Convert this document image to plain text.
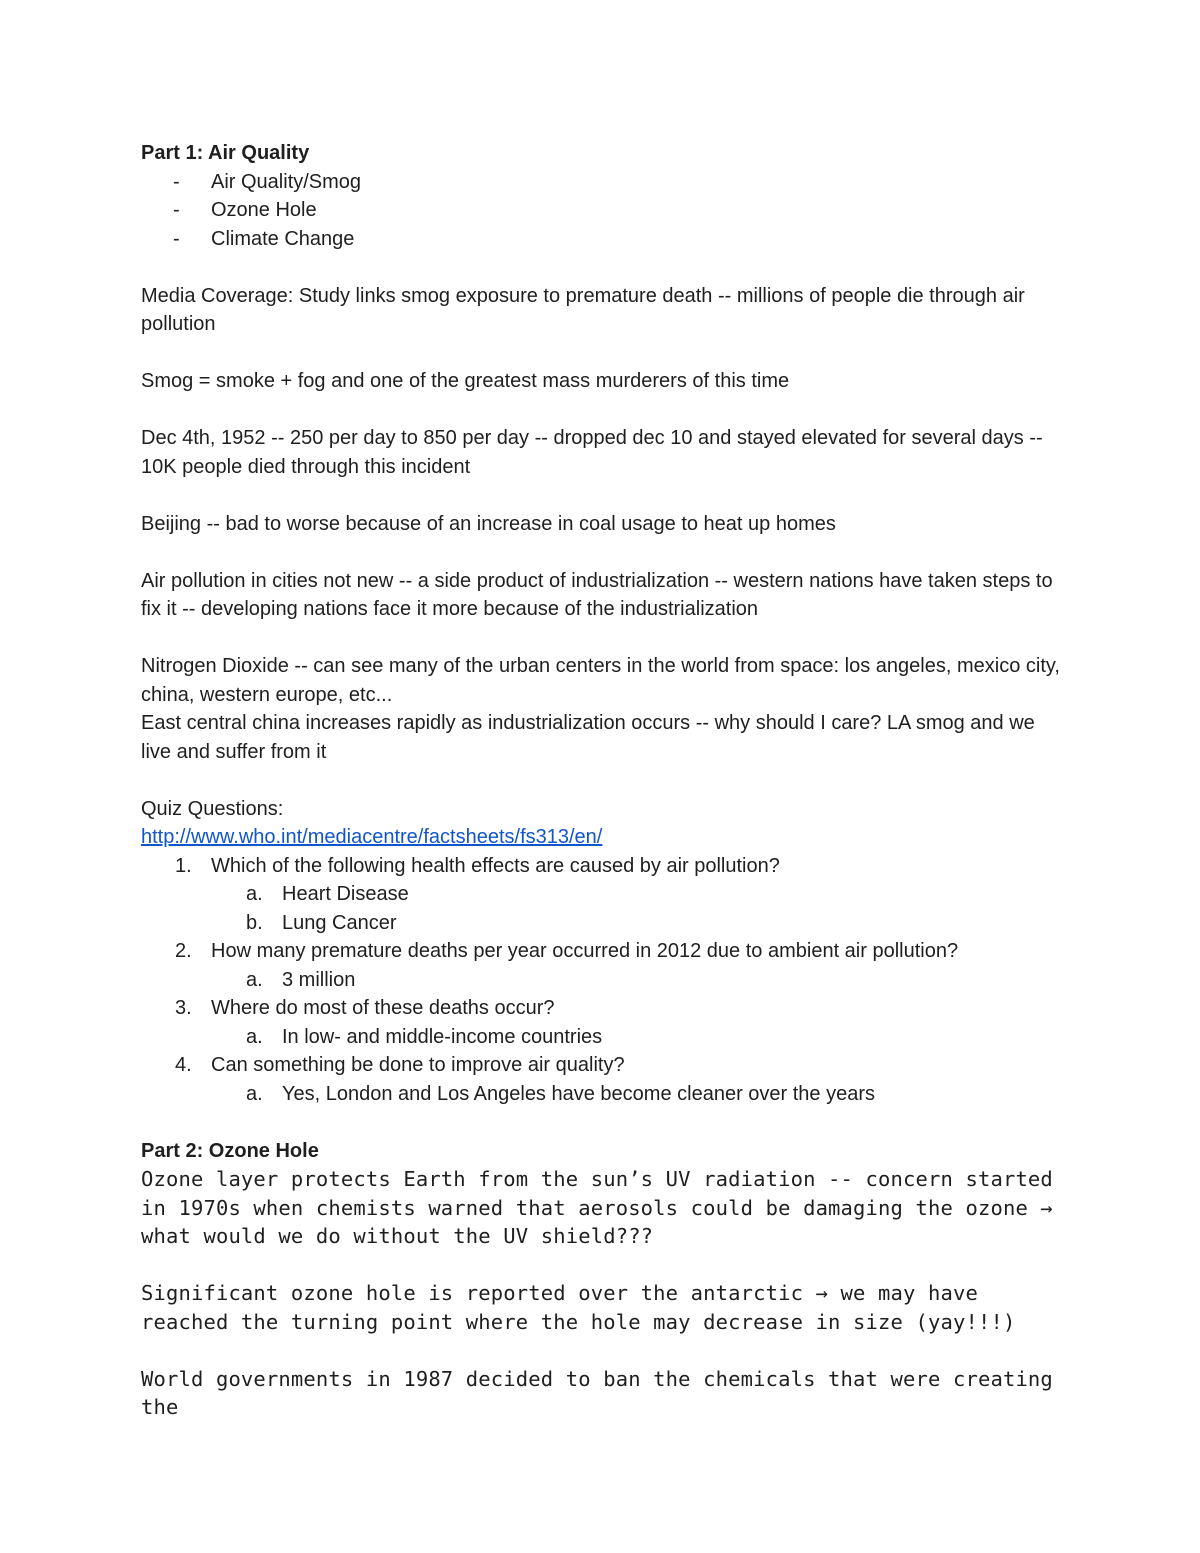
Part 1: Air Quality

- Air Quality/Smog
- Ozone Hole
- Climate Change

Media Coverage: Study links smog exposure to premature death -- millions of people die through air pollution

Smog = smoke + fog and one of the greatest mass murderers of this time

Dec 4th, 1952 -- 250 per day to 850 per day -- dropped dec 10 and stayed elevated for several days -- 10K people died through this incident

Beijing -- bad to worse because of an increase in coal usage to heat up homes

Air pollution in cities not new -- a side product of industrialization -- western nations have taken steps to fix it -- developing nations face it more because of the industrialization

Nitrogen Dioxide -- can see many of the urban centers in the world from space: los angeles, mexico city, china, western europe, etc...

East central china increases rapidly as industrialization occurs -- why should I care? LA smog and we live and suffer from it

Quiz Questions:

http://www.who.int/mediacentre/factsheets/fs313/en/

1. Which of the following health effects are caused by air pollution?
a. Heart Disease
b. Lung Cancer
2. How many premature deaths per year occurred in 2012 due to ambient air pollution?
a. 3 million
3. Where do most of these deaths occur?
a. In low- and middle-income countries
4. Can something be done to improve air quality?
a. Yes, London and Los Angeles have become cleaner over the years

Part 2: Ozone Hole

Ozone layer protects Earth from the sun’s UV radiation -- concern started in 1970s when chemists warned that aerosols could be damaging the ozone → what would we do without the UV shield???

Significant ozone hole is reported over the antarctic → we may have reached the turning point where the hole may decrease in size (yay!!!)

World governments in 1987 decided to ban the chemicals that were creating the
